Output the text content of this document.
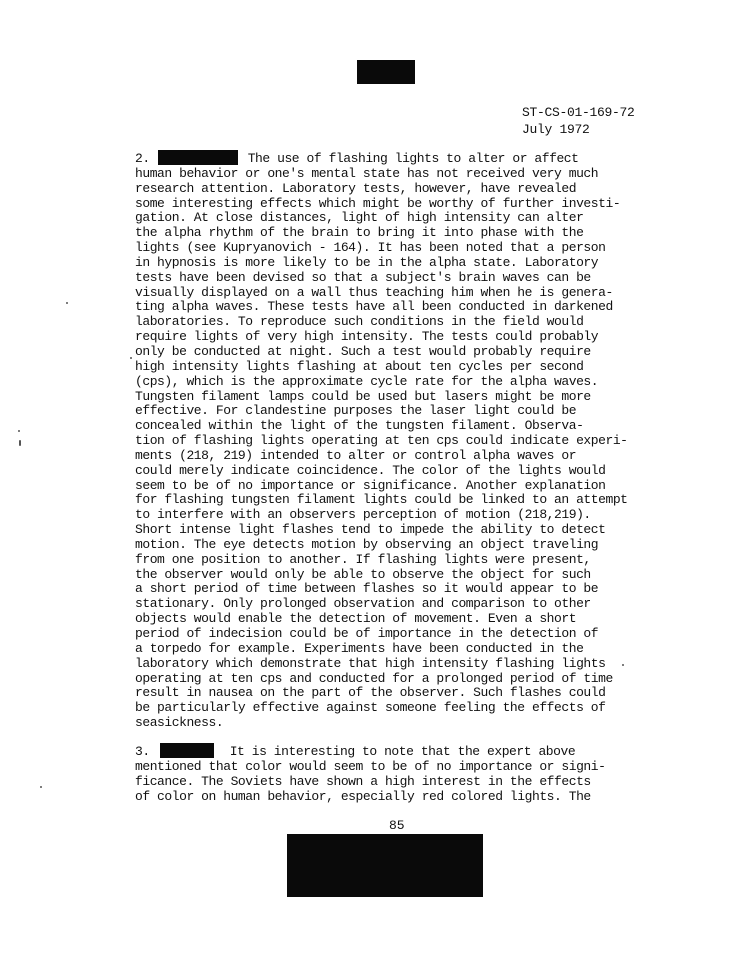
ST-CS-01-169-72
July 1972
2.	The use of flashing lights to alter or affect
human behavior or one's mental state has not received very much
research attention. Laboratory tests, however, have revealed
some interesting effects which might be worthy of further investi-
gation. At close distances, light of high intensity can alter
the alpha rhythm of the brain to bring it into phase with the
lights (see Kupryanovich - 164). It has been noted that a person
in hypnosis is more likely to be in the alpha state. Laboratory
tests have been devised so that a subject's brain waves can be
visually displayed on a wall thus teaching him when he is genera-
ting alpha waves. These tests have all been conducted in darkened
laboratories. To reproduce such conditions in the field would
require lights of very high intensity. The tests could probably
only be conducted at night. Such a test would probably require
high intensity lights flashing at about ten cycles per second
(cps), which is the approximate cycle rate for the alpha waves.
Tungsten filament lamps could be used but lasers might be more
effective. For clandestine purposes the laser light could be
concealed within the light of the tungsten filament. Observa-
tion of flashing lights operating at ten cps could indicate experi-
ments (218, 219) intended to alter or control alpha waves or
could merely indicate coincidence. The color of the lights would
seem to be of no importance or significance. Another explanation
for flashing tungsten filament lights could be linked to an attempt
to interfere with an observers perception of motion (218,219).
Short intense light flashes tend to impede the ability to detect
motion. The eye detects motion by observing an object traveling
from one position to another. If flashing lights were present,
the observer would only be able to observe the object for such
a short period of time between flashes so it would appear to be
stationary. Only prolonged observation and comparison to other
objects would enable the detection of movement. Even a short
period of indecision could be of importance in the detection of
a torpedo for example. Experiments have been conducted in the
laboratory which demonstrate that high intensity flashing lights
operating at ten cps and conducted for a prolonged period of time
result in nausea on the part of the observer. Such flashes could
be particularly effective against someone feeling the effects of
seasickness.
3.	It is interesting to note that the expert above
mentioned that color would seem to be of no importance or signi-
ficance. The Soviets have shown a high interest in the effects
of color on human behavior, especially red colored lights. The
85
